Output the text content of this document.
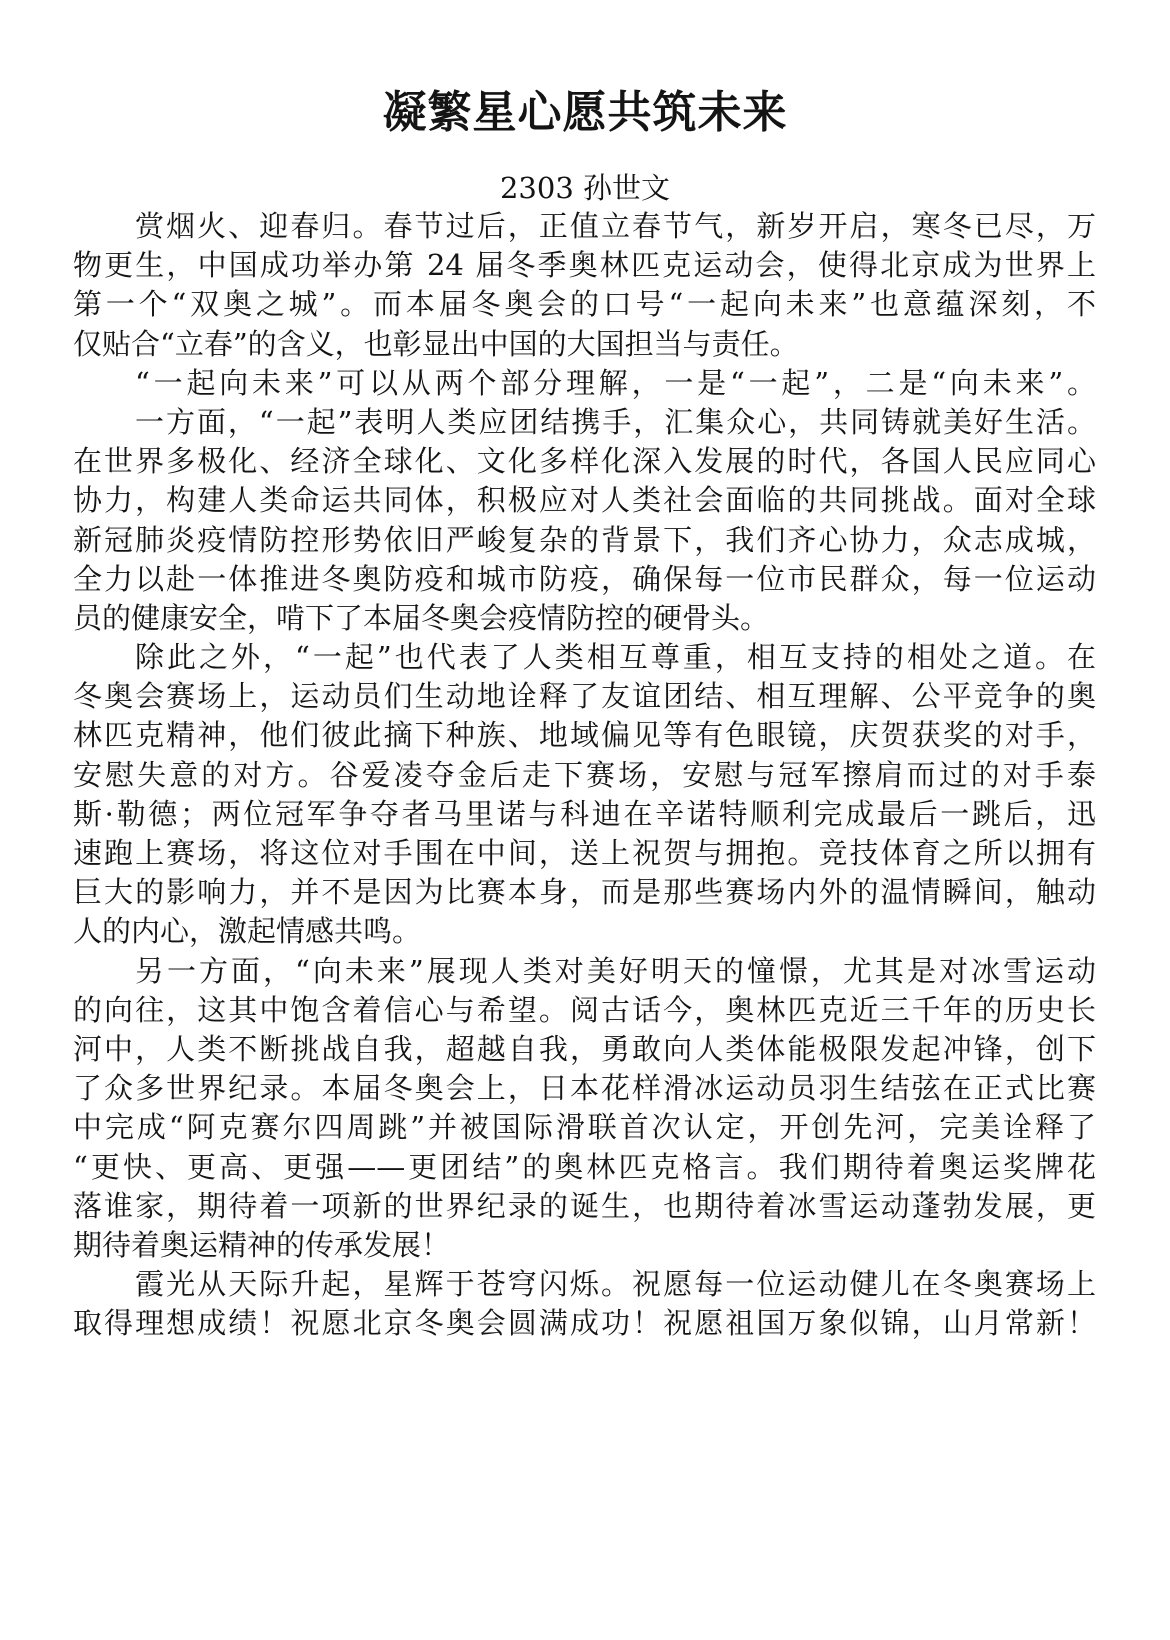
凝繁星心愿共筑未来
2303 孙世文
赏烟火、迎春归。春节过后，正值立春节气，新岁开启，寒冬已尽，万
物更生，中国成功举办第 24 届冬季奥林匹克运动会，使得北京成为世界上
第一个“双奥之城”。而本届冬奥会的口号“一起向未来”也意蕴深刻，不
仅贴合“立春”的含义，也彰显出中国的大国担当与责任。
“一起向未来”可以从两个部分理解，一是“一起”，二是“向未来”。
一方面，“一起”表明人类应团结携手，汇集众心，共同铸就美好生活。
在世界多极化、经济全球化、文化多样化深入发展的时代，各国人民应同心
协力，构建人类命运共同体，积极应对人类社会面临的共同挑战。面对全球
新冠肺炎疫情防控形势依旧严峻复杂的背景下，我们齐心协力，众志成城，
全力以赴一体推进冬奥防疫和城市防疫，确保每一位市民群众，每一位运动
员的健康安全，啃下了本届冬奥会疫情防控的硬骨头。
除此之外，“一起”也代表了人类相互尊重，相互支持的相处之道。在
冬奥会赛场上，运动员们生动地诠释了友谊团结、相互理解、公平竞争的奥
林匹克精神，他们彼此摘下种族、地域偏见等有色眼镜，庆贺获奖的对手，
安慰失意的对方。谷爱凌夺金后走下赛场，安慰与冠军擦肩而过的对手泰
斯·勒德；两位冠军争夺者马里诺与科迪在辛诺特顺利完成最后一跳后，迅
速跑上赛场，将这位对手围在中间，送上祝贺与拥抱。竞技体育之所以拥有
巨大的影响力，并不是因为比赛本身，而是那些赛场内外的温情瞬间，触动
人的内心，激起情感共鸣。
另一方面，“向未来”展现人类对美好明天的憧憬，尤其是对冰雪运动
的向往，这其中饱含着信心与希望。阅古话今，奥林匹克近三千年的历史长
河中，人类不断挑战自我，超越自我，勇敢向人类体能极限发起冲锋，创下
了众多世界纪录。本届冬奥会上，日本花样滑冰运动员羽生结弦在正式比赛
中完成“阿克赛尔四周跳”并被国际滑联首次认定，开创先河，完美诠释了
“更快、更高、更强——更团结”的奥林匹克格言。我们期待着奥运奖牌花
落谁家，期待着一项新的世界纪录的诞生，也期待着冰雪运动蓬勃发展，更
期待着奥运精神的传承发展！
霞光从天际升起，星辉于苍穹闪烁。祝愿每一位运动健儿在冬奥赛场上
取得理想成绩！祝愿北京冬奥会圆满成功！祝愿祖国万象似锦，山月常新！
